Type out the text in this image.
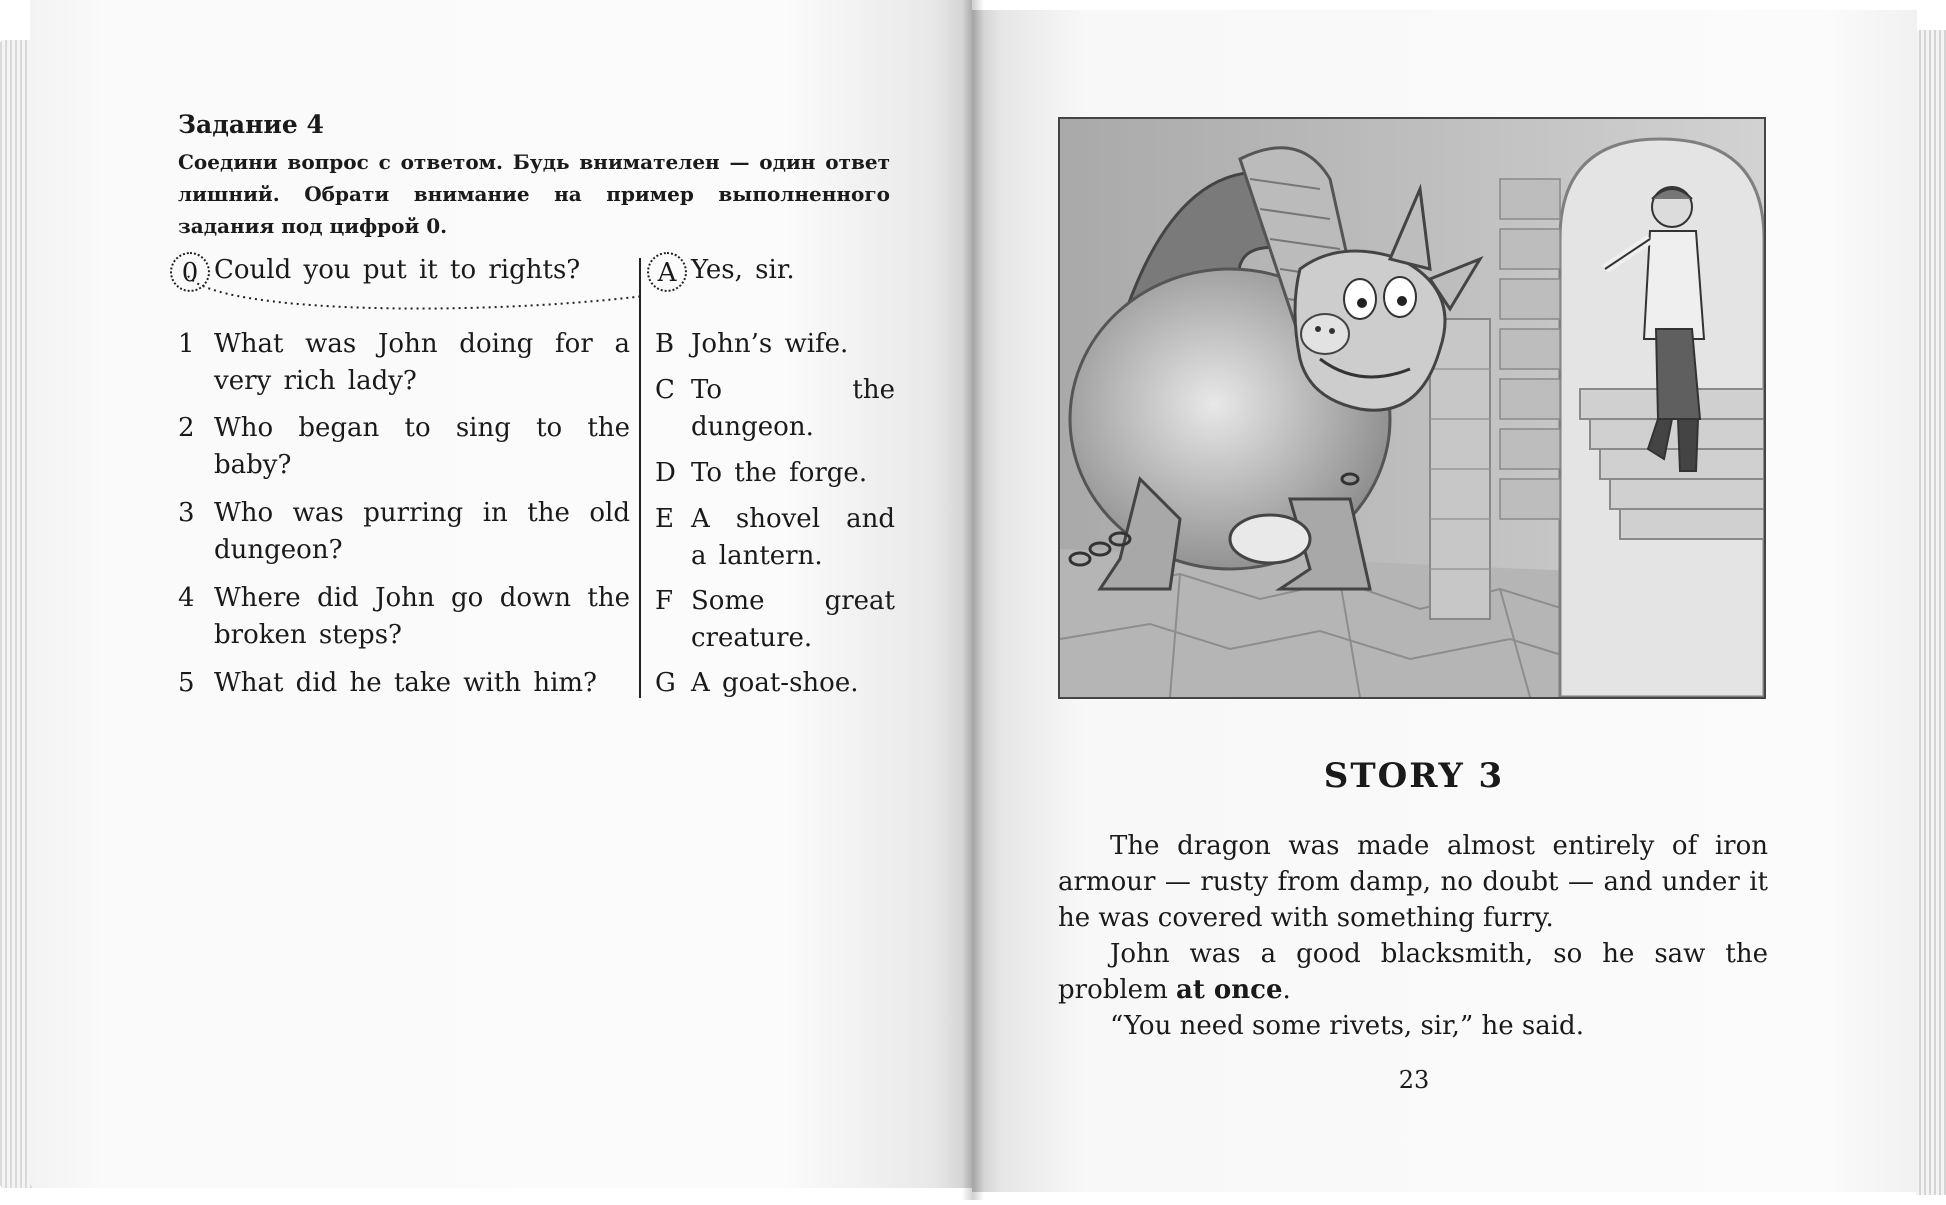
Задание 4
Соедини вопрос с ответом. Будь внимателен — один ответ лишний. Обрати внимание на пример выполненного задания под цифрой 0.
0 Could you put it to rights?
1 What was John doing for a very rich lady?
2 Who began to sing to the baby?
3 Who was purring in the old dungeon?
4 Where did John go down the broken steps?
5 What did he take with him?
A Yes, sir.
B John’s wife.
C To the dungeon.
D To the forge.
E A shovel and a lantern.
F Some great creature.
G A goat-shoe.
STORY 3

The dragon was made almost entirely of iron armour — rusty from damp, no doubt — and under it he was covered with something furry.

John was a good blacksmith, so he saw the problem at once.

“You need some rivets, sir,” he said.

23
